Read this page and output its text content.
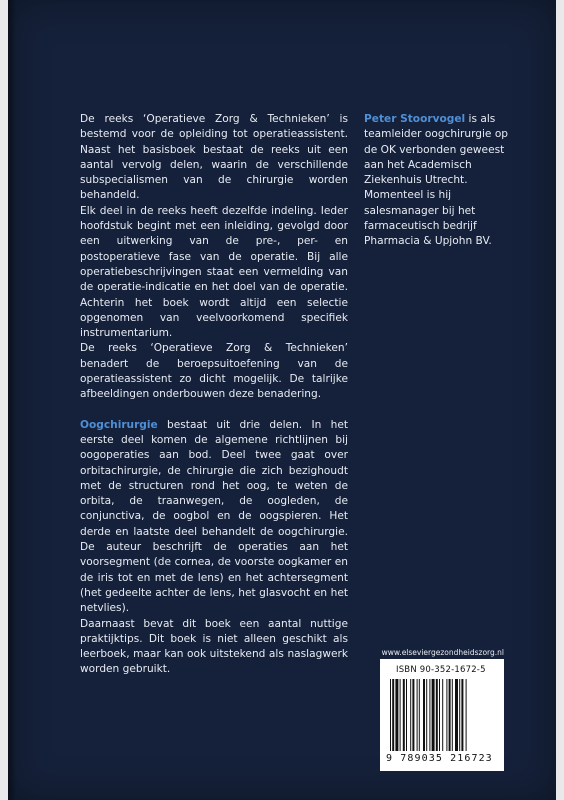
De reeks ‘Operatieve Zorg & Technieken’ is bestemd voor de opleiding tot operatieassistent. Naast het basisboek bestaat de reeks uit een aantal vervolg delen, waarin de verschillende subspecialismen van de chirurgie worden behandeld.

Elk deel in de reeks heeft dezelfde indeling. Ieder hoofdstuk begint met een inleiding, gevolgd door een uitwerking van de pre-, per- en postoperatieve fase van de operatie. Bij alle operatiebeschrijvingen staat een vermelding van de operatie-indicatie en het doel van de operatie. Achterin het boek wordt altijd een selectie opgenomen van veelvoorkomend specifiek instrumentarium.

De reeks ‘Operatieve Zorg & Technieken’ benadert de beroepsuitoefening van de operatieassistent zo dicht mogelijk. De talrijke afbeeldingen onderbouwen deze benadering.

Oogchirurgie bestaat uit drie delen. In het eerste deel komen de algemene richtlijnen bij oogoperaties aan bod. Deel twee gaat over orbitachirurgie, de chirurgie die zich bezighoudt met de structuren rond het oog, te weten de orbita, de traanwegen, de oogleden, de conjunctiva, de oogbol en de oogspieren. Het derde en laatste deel behandelt de oogchirurgie. De auteur beschrijft de operaties aan het voorsegment (de cornea, de voorste oogkamer en de iris tot en met de lens) en het achtersegment (het gedeelte achter de lens, het glasvocht en het netvlies).

Daarnaast bevat dit boek een aantal nuttige praktijktips. Dit boek is niet alleen geschikt als leerboek, maar kan ook uitstekend als naslagwerk worden gebruikt.

Peter Stoorvogel is als teamleider oogchirurgie op de OK verbonden geweest aan het Academisch Ziekenhuis Utrecht. Momenteel is hij salesmanager bij het farmaceutisch bedrijf Pharmacia & Upjohn BV.

www.elseviergezondheidszorg.nl
ISBN 90-352-1672-5
9 789035 216723
